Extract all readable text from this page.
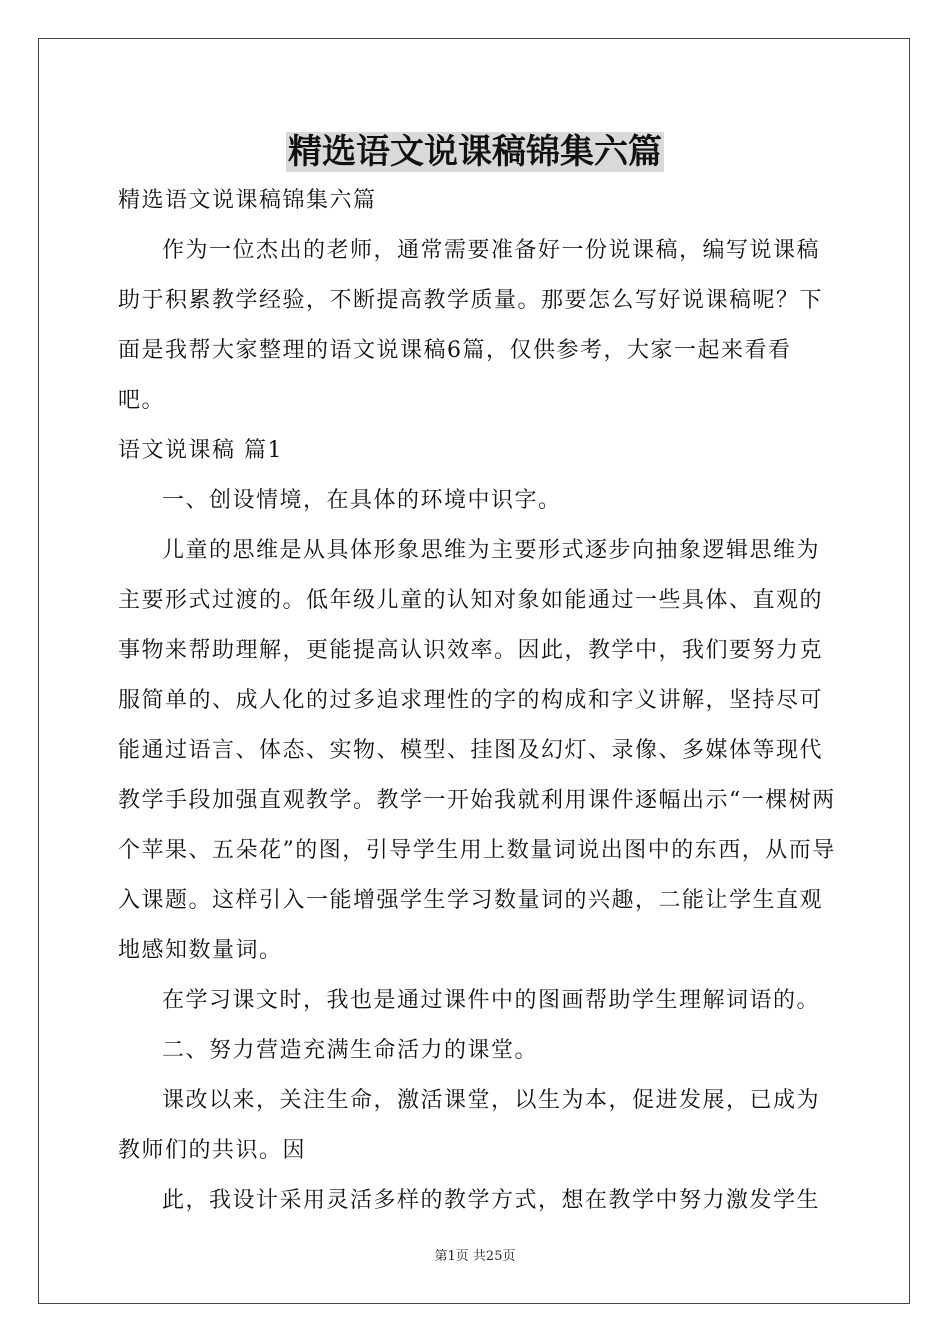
精选语文说课稿锦集六篇

精选语文说课稿锦集六篇

作为一位杰出的老师，通常需要准备好一份说课稿，编写说课稿助于积累教学经验，不断提高教学质量。那要怎么写好说课稿呢？下面是我帮大家整理的语文说课稿6篇，仅供参考，大家一起来看看吧。

语文说课稿 篇1

一、创设情境，在具体的环境中识字。

儿童的思维是从具体形象思维为主要形式逐步向抽象逻辑思维为主要形式过渡的。低年级儿童的认知对象如能通过一些具体、直观的事物来帮助理解，更能提高认识效率。因此，教学中，我们要努力克服简单的、成人化的过多追求理性的字的构成和字义讲解，坚持尽可能通过语言、体态、实物、模型、挂图及幻灯、录像、多媒体等现代教学手段加强直观教学。教学一开始我就利用课件逐幅出示“一棵树两个苹果、五朵花”的图，引导学生用上数量词说出图中的东西，从而导入课题。这样引入一能增强学生学习数量词的兴趣，二能让学生直观地感知数量词。

在学习课文时，我也是通过课件中的图画帮助学生理解词语的。

二、努力营造充满生命活力的课堂。

课改以来，关注生命，激活课堂，以生为本，促进发展，已成为教师们的共识。因

此，我设计采用灵活多样的教学方式，想在教学中努力激发学生

第1页 共25页
